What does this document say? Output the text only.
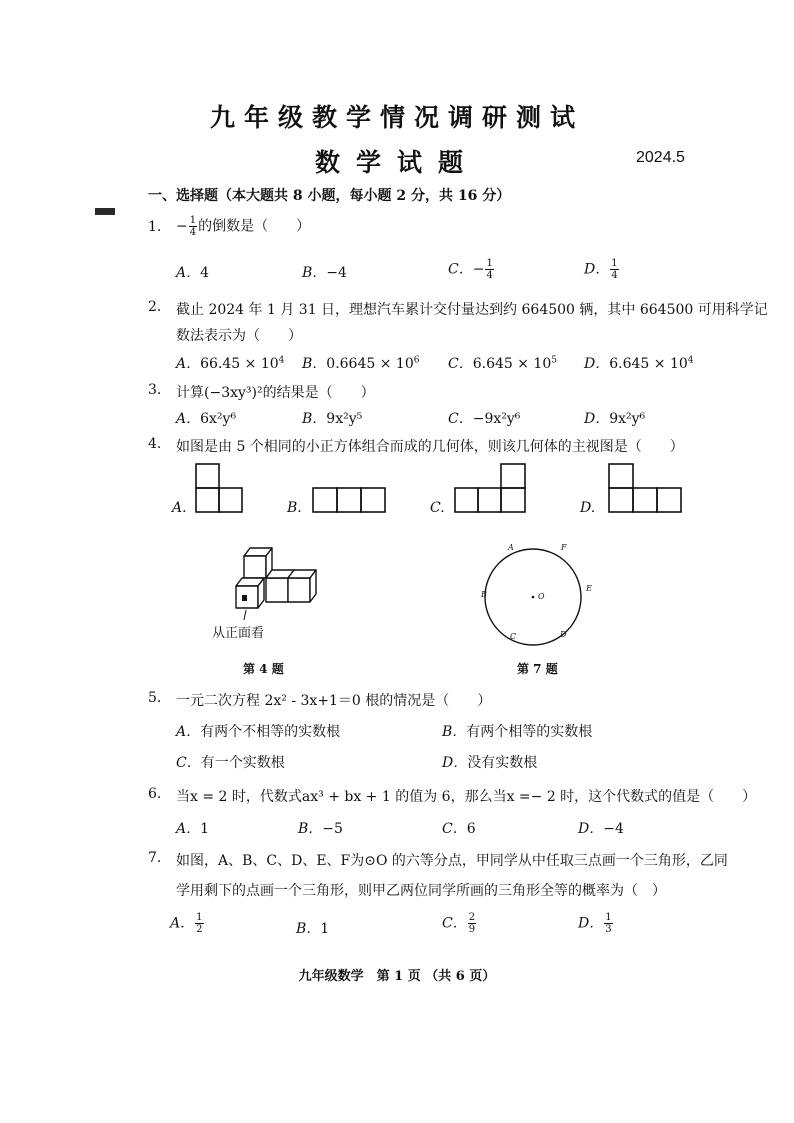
九年级教学情况调研测试
数学试题	2024.5
一、选择题（本大题共 8 小题，每小题 2 分，共 16 分）
1. − $\frac{1}{4}$ 的倒数是（　　）
A．4	B．−4	C．− $\frac{1}{4}$	D． $\frac{1}{4}$
2. 截止 2024 年 1 月 31 日，理想汽车累计交付量达到约 664500 辆，其中 664500 可用科学记
数法表示为（　　）
A．$66.45 \times 10^4$ B．$0.6645 \times 10^6$ C．$6.645 \times 10^5$ D．$6.645 \times 10^4$
3. 计算(−3xy³)²的结果是（　　）
A．6x²y⁶	B．9x²y⁵	C．−9x²y⁶	D．9x²y⁶
4. 如图是由 5 个相同的小正方体组合而成的几何体，则该几何体的主视图是（　　）
A.	B.	C.	D.
从正面看
第 4 题
A	F
E
D
C
B	O
第 7 题
5. 一元二次方程 2x² - 3x+1＝0 根的情况是（　　）
A．有两个不相等的实数根	B．有两个相等的实数根
C．有一个实数根	D．没有实数根
6. 当x = 2 时，代数式ax³ + bx + 1 的值为 6，那么当x =− 2 时，这个代数式的值是（　　）
A．1	B．−5	C．6	D．−4
7. 如图，A、B、C、D、E、F为⊙O 的六等分点，甲同学从中任取三点画一个三角形，乙同
学用剩下的点画一个三角形，则甲乙两位同学所画的三角形全等的概率为（　）
A． $\frac{1}{2}$	B．1	C． $\frac{2}{9}$	D． $\frac{1}{3}$
九年级数学　第 1 页 （共 6 页）
